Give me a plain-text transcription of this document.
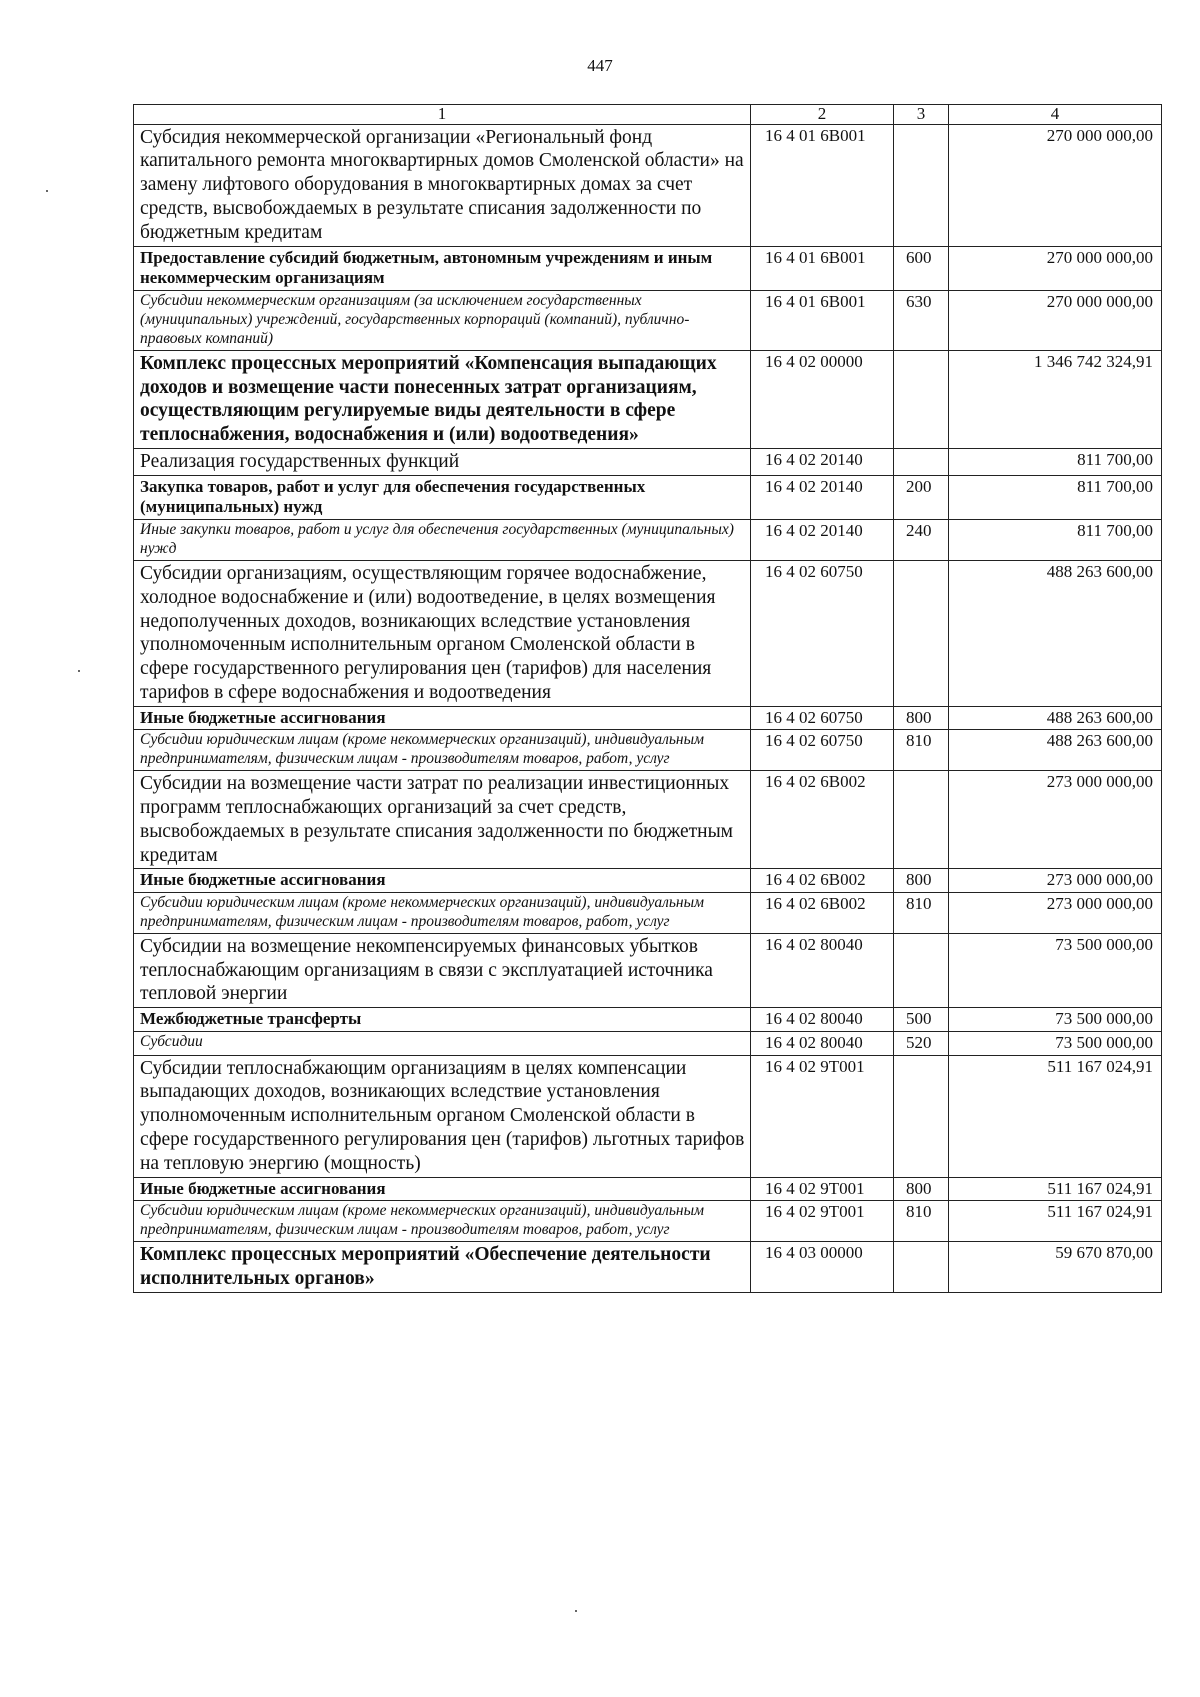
447
1	2	3	4
Субсидия некоммерческой организации «Региональный фонд капитального ремонта многоквартирных домов Смоленской области» на замену лифтового оборудования в многоквартирных домах за счет средств, высвобождаемых в результате списания задолженности по бюджетным кредитам	16 4 01 6В001		270 000 000,00
Предоставление субсидий бюджетным, автономным учреждениям и иным некоммерческим организациям	16 4 01 6В001	600	270 000 000,00
Субсидии некоммерческим организациям (за исключением государственных (муниципальных) учреждений, государственных корпораций (компаний), публично-правовых компаний)	16 4 01 6В001	630	270 000 000,00
Комплекс процессных мероприятий «Компенсация выпадающих доходов и возмещение части понесенных затрат организациям, осуществляющим регулируемые виды деятельности в сфере теплоснабжения, водоснабжения и (или) водоотведения»	16 4 02 00000		1 346 742 324,91
Реализация государственных функций	16 4 02 20140		811 700,00
Закупка товаров, работ и услуг для обеспечения государственных (муниципальных) нужд	16 4 02 20140	200	811 700,00
Иные закупки товаров, работ и услуг для обеспечения государственных (муниципальных) нужд	16 4 02 20140	240	811 700,00
Субсидии организациям, осуществляющим горячее водоснабжение, холодное водоснабжение и (или) водоотведение, в целях возмещения недополученных доходов, возникающих вследствие установления уполномоченным исполнительным органом Смоленской области в сфере государственного регулирования цен (тарифов) для населения тарифов в сфере водоснабжения и водоотведения	16 4 02 60750		488 263 600,00
Иные бюджетные ассигнования	16 4 02 60750	800	488 263 600,00
Субсидии юридическим лицам (кроме некоммерческих организаций), индивидуальным предпринимателям, физическим лицам - производителям товаров, работ, услуг	16 4 02 60750	810	488 263 600,00
Субсидии на возмещение части затрат по реализации инвестиционных программ теплоснабжающих организаций за счет средств, высвобождаемых в результате списания задолженности по бюджетным кредитам	16 4 02 6В002		273 000 000,00
Иные бюджетные ассигнования	16 4 02 6В002	800	273 000 000,00
Субсидии юридическим лицам (кроме некоммерческих организаций), индивидуальным предпринимателям, физическим лицам - производителям товаров, работ, услуг	16 4 02 6В002	810	273 000 000,00
Субсидии на возмещение некомпенсируемых финансовых убытков теплоснабжающим организациям в связи с эксплуатацией источника тепловой энергии	16 4 02 80040		73 500 000,00
Межбюджетные трансферты	16 4 02 80040	500	73 500 000,00
Субсидии	16 4 02 80040	520	73 500 000,00
Субсидии теплоснабжающим организациям в целях компенсации выпадающих доходов, возникающих вследствие установления уполномоченным исполнительным органом Смоленской области в сфере государственного регулирования цен (тарифов) льготных тарифов на тепловую энергию (мощность)	16 4 02 9Т001		511 167 024,91
Иные бюджетные ассигнования	16 4 02 9Т001	800	511 167 024,91
Субсидии юридическим лицам (кроме некоммерческих организаций), индивидуальным предпринимателям, физическим лицам - производителям товаров, работ, услуг	16 4 02 9Т001	810	511 167 024,91
Комплекс процессных мероприятий «Обеспечение деятельности исполнительных органов»	16 4 03 00000		59 670 870,00
